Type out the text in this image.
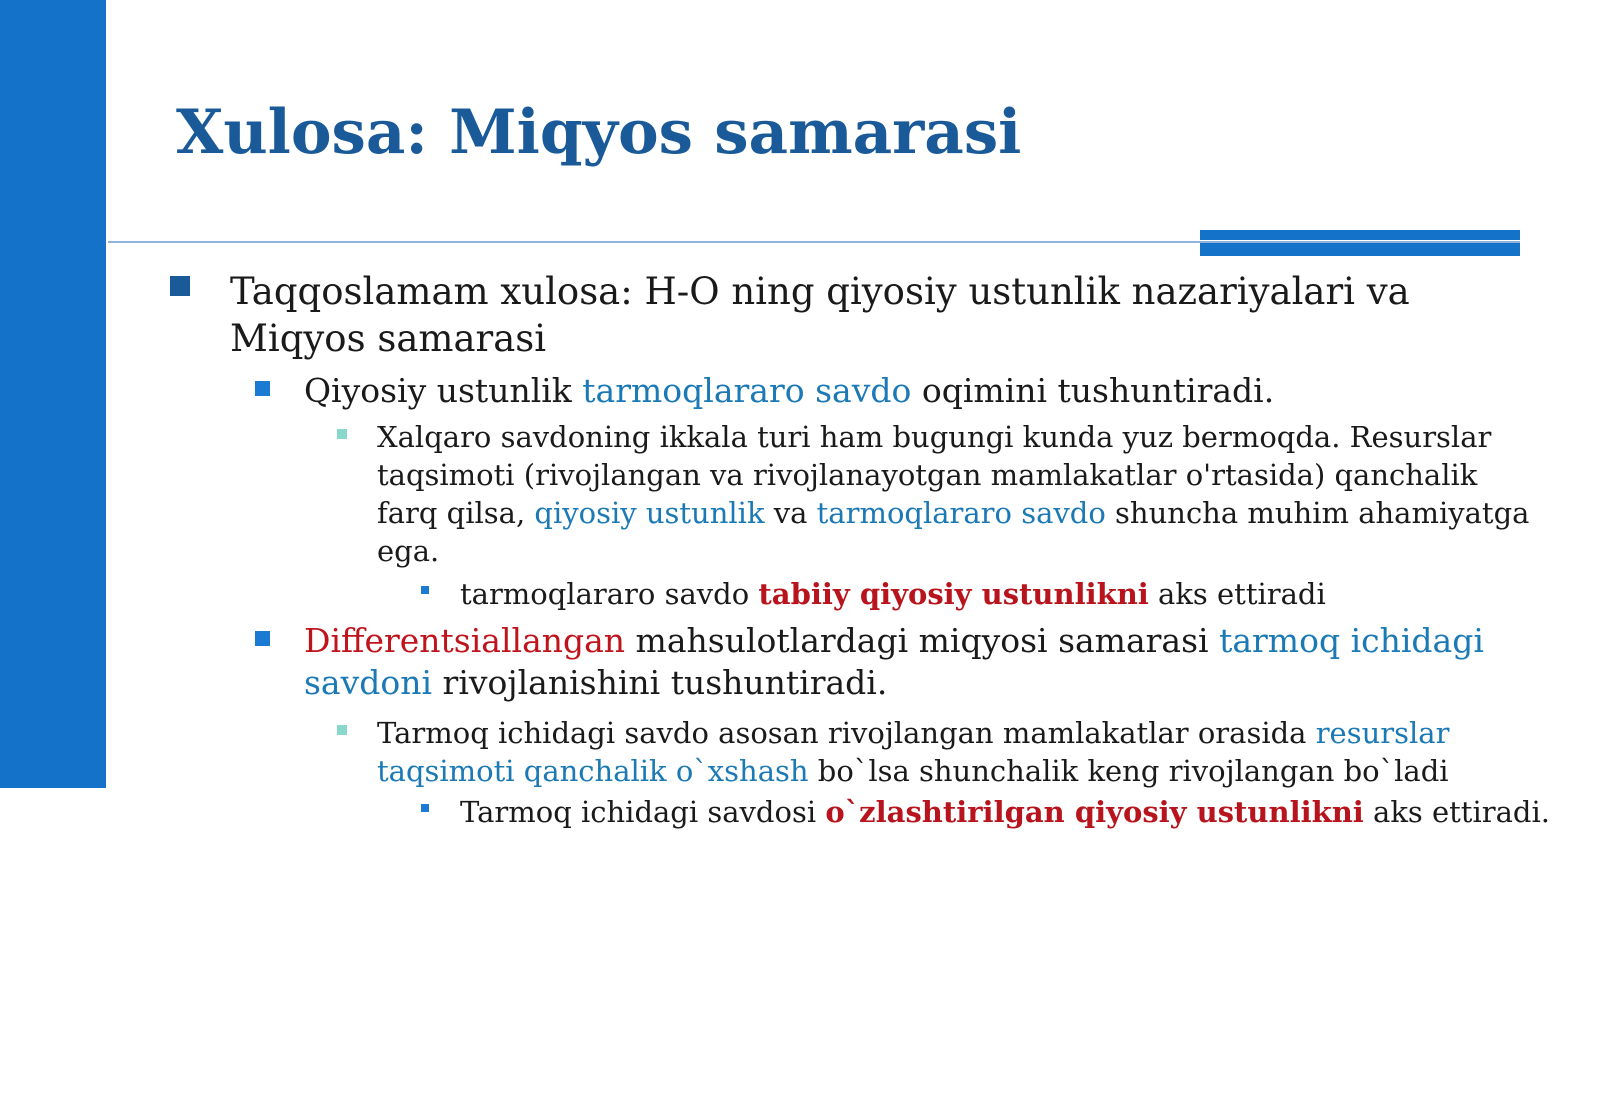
Xulosa: Miqyos samarasi

Taqqoslamam xulosa: H-O ning qiyosiy ustunlik nazariyalari va Miqyos samarasi

Qiyosiy ustunlik tarmoqlararo savdo oqimini tushuntiradi.

Xalqaro savdoning ikkala turi ham bugungi kunda yuz bermoqda. Resurslar taqsimoti (rivojlangan va rivojlanayotgan mamlakatlar o'rtasida) qanchalik farq qilsa, qiyosiy ustunlik va tarmoqlararo savdo shuncha muhim ahamiyatga ega.

tarmoqlararo savdo tabiiy qiyosiy ustunlikni aks ettiradi

Differentsiallangan mahsulotlardagi miqyosi samarasi tarmoq ichidagi savdoni rivojlanishini tushuntiradi.

Tarmoq ichidagi savdo asosan rivojlangan mamlakatlar orasida resurslar taqsimoti qanchalik o`xshash bo`lsa shunchalik keng rivojlangan bo`ladi

Tarmoq ichidagi savdosi o`zlashtirilgan qiyosiy ustunlikni aks ettiradi.
